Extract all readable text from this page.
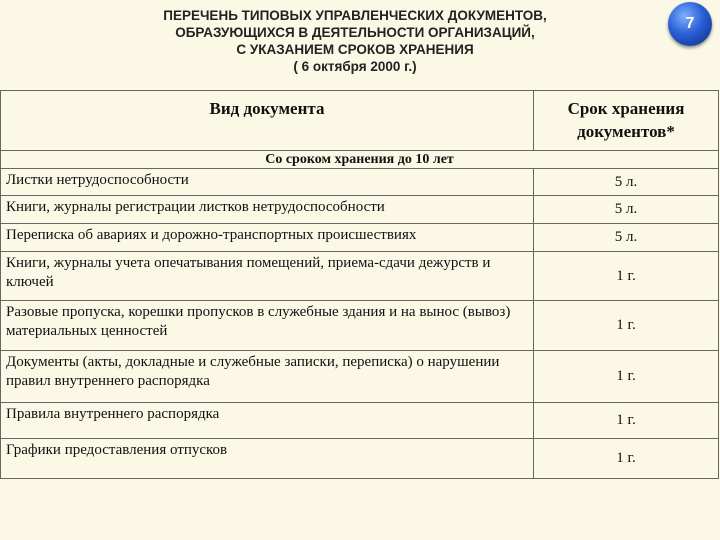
ПЕРЕЧЕНЬ ТИПОВЫХ УПРАВЛЕНЧЕСКИХ ДОКУМЕНТОВ,
ОБРАЗУЮЩИХСЯ В ДЕЯТЕЛЬНОСТИ ОРГАНИЗАЦИЙ,
С УКАЗАНИЕМ СРОКОВ ХРАНЕНИЯ
( 6 октября 2000 г.)
7
Вид документа	Срок хранения
документов*

Со сроком хранения до 10 лет	
Листки нетрудоспособности	5 л.
Книги, журналы регистрации листков нетрудоспособности	5 л.
Переписка об авариях и дорожно-транспортных происшествиях	5 л.
Книги, журналы учета опечатывания помещений, приема-сдачи дежурств и ключей	1 г.
Разовые пропуска, корешки пропусков в служебные здания и на вынос (вывоз) материальных ценностей	1 г.
Документы (акты, докладные и служебные записки, переписка) о нарушении правил внутреннего распорядка	1 г.
Правила внутреннего распорядка	1 г.
Графики предоставления отпусков	1 г.
